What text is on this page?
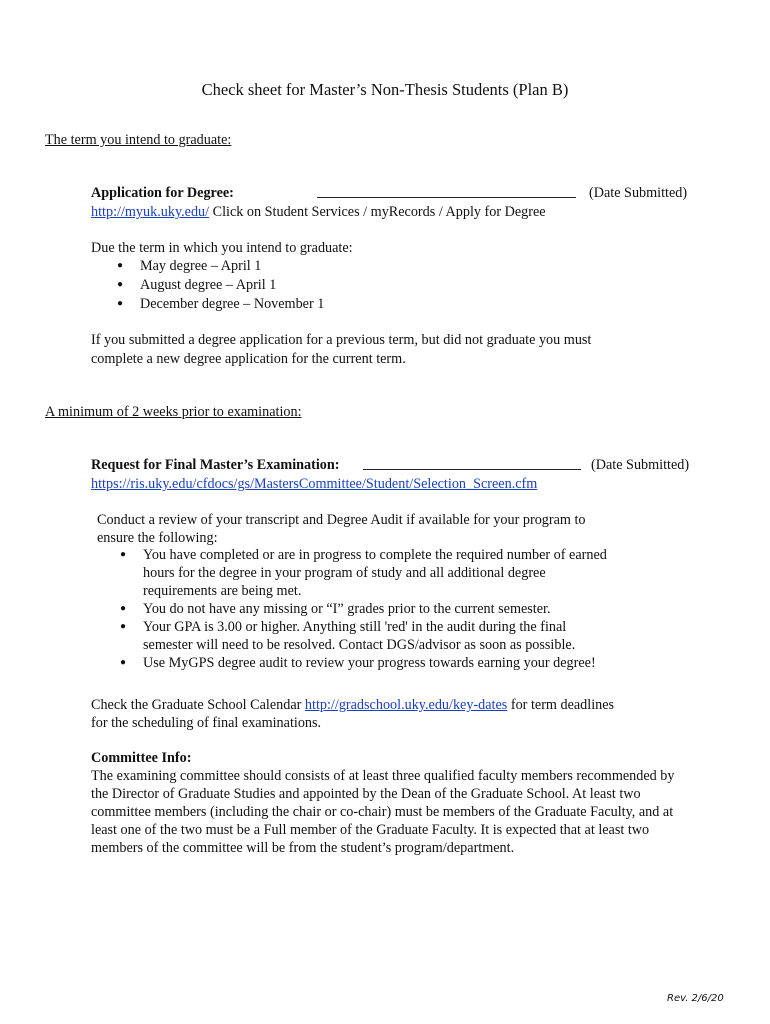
Check sheet for Master’s Non-Thesis Students (Plan B)
The term you intend to graduate:
Application for Degree:	(Date Submitted)
http://myuk.uky.edu/ Click on Student Services / myRecords / Apply for Degree
Due the term in which you intend to graduate:
● May degree – April 1
● August degree – April 1
● December degree – November 1
If you submitted a degree application for a previous term, but did not graduate you must
complete a new degree application for the current term.
A minimum of 2 weeks prior to examination:
Request for Final Master’s Examination:	(Date Submitted)
https://ris.uky.edu/cfdocs/gs/MastersCommittee/Student/Selection_Screen.cfm
Conduct a review of your transcript and Degree Audit if available for your program to
ensure the following:
● You have completed or are in progress to complete the required number of earned
hours for the degree in your program of study and all additional degree
requirements are being met.
● You do not have any missing or “I” grades prior to the current semester.
● Your GPA is 3.00 or higher. Anything still 'red' in the audit during the final
semester will need to be resolved. Contact DGS/advisor as soon as possible.
● Use MyGPS degree audit to review your progress towards earning your degree!
Check the Graduate School Calendar http://gradschool.uky.edu/key-dates for term deadlines
for the scheduling of final examinations.
Committee Info:
The examining committee should consists of at least three qualified faculty members recommended by
the Director of Graduate Studies and appointed by the Dean of the Graduate School. At least two
committee members (including the chair or co-chair) must be members of the Graduate Faculty, and at
least one of the two must be a Full member of the Graduate Faculty. It is expected that at least two
members of the committee will be from the student’s program/department.
Rev. 2/6/20
